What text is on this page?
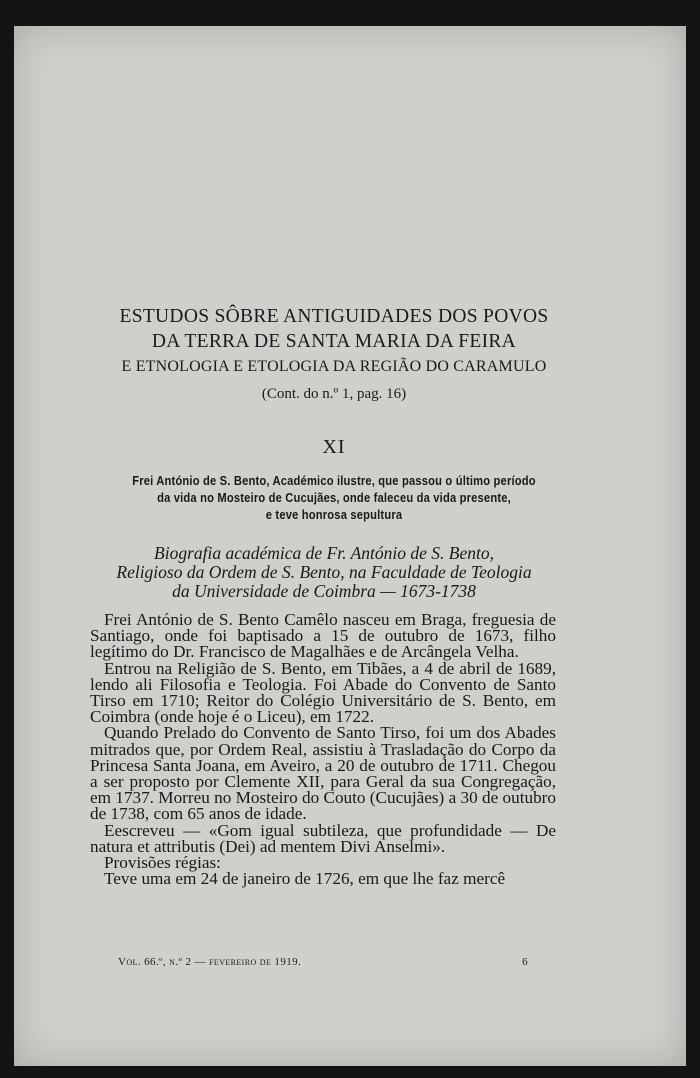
ESTUDOS SÔBRE ANTIGUIDADES DOS POVOS
DA TERRA DE SANTA MARIA DA FEIRA
E ETNOLOGIA E ETOLOGIA DA REGIÃO DO CARAMULO
(Cont. do n.º 1, pag. 16)
XI
Frei António de S. Bento, Académico ilustre, que passou o último período
da vida no Mosteiro de Cucujães, onde faleceu da vida presente,
e teve honrosa sepultura
Biografia académica de Fr. António de S. Bento,
Religioso da Ordem de S. Bento, na Faculdade de Teologia
da Universidade de Coimbra — 1673-1738

Frei António de S. Bento Camêlo nasceu em Braga, freguesia de Santiago, onde foi baptisado a 15 de outubro de 1673, filho legítimo do Dr. Francisco de Magalhães e de Arcângela Velha.

Entrou na Religião de S. Bento, em Tibães, a 4 de abril de 1689, lendo ali Filosofia e Teologia. Foi Abade do Convento de Santo Tirso em 1710; Reitor do Colégio Universitário de S. Bento, em Coimbra (onde hoje é o Liceu), em 1722.

Quando Prelado do Convento de Santo Tirso, foi um dos Abades mitrados que, por Ordem Real, assistiu à Trasladação do Corpo da Princesa Santa Joana, em Aveiro, a 20 de outubro de 1711. Chegou a ser proposto por Clemente XII, para Geral da sua Congregação, em 1737. Morreu no Mosteiro do Couto (Cucujães) a 30 de outubro de 1738, com 65 anos de idade.

Eescreveu — «Gom igual subtileza, que profundidade — De natura et attributis (Dei) ad mentem Divi Anselmi».

Provisões régias:

Teve uma em 24 de janeiro de 1726, em que lhe faz mercê

Vol. 66.º, n.º 2 — fevereiro de 1919.	6
